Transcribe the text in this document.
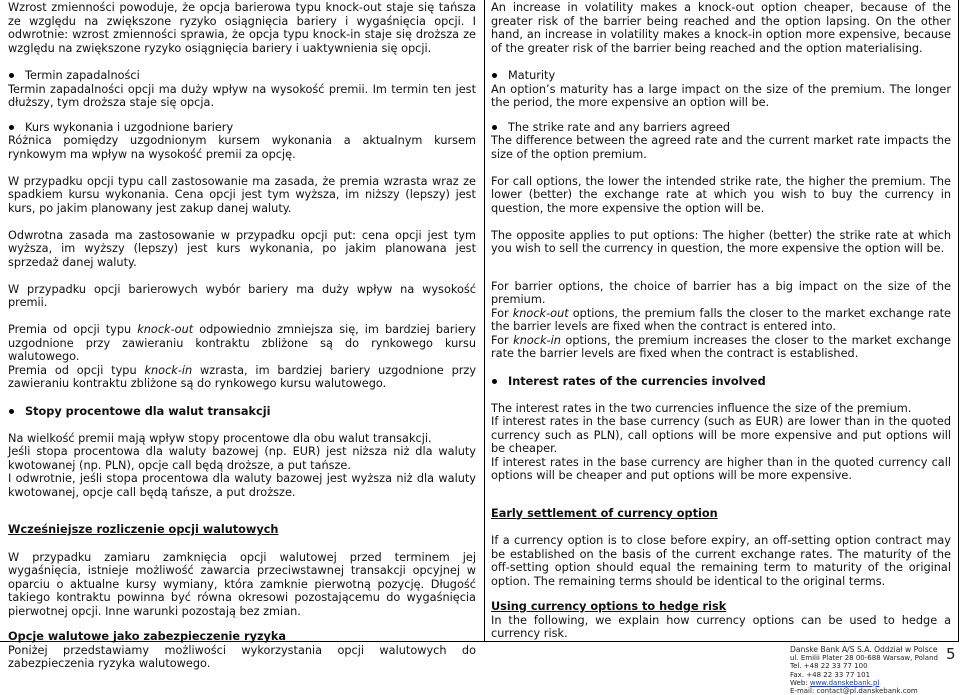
Wzrost zmienności powoduje, że opcja barierowa typu knock-out staje się tańsza ze względu na zwiększone ryzyko osiągnięcia bariery i wygaśnięcia opcji. I odwrotnie: wzrost zmienności sprawia, że opcja typu knock-in staje się droższa ze względu na zwiększone ryzyko osiągnięcia bariery i uaktywnienia się opcji.

Termin zapadalności

Termin zapadalności opcji ma duży wpływ na wysokość premii. Im termin ten jest dłuższy, tym droższa staje się opcja.

Kurs wykonania i uzgodnione bariery

Różnica pomiędzy uzgodnionym kursem wykonania a aktualnym kursem rynkowym ma wpływ na wysokość premii za opcję.

W przypadku opcji typu call zastosowanie ma zasada, że premia wzrasta wraz ze spadkiem kursu wykonania. Cena opcji jest tym wyższa, im niższy (lepszy) jest kurs, po jakim planowany jest zakup danej waluty.

Odwrotna zasada ma zastosowanie w przypadku opcji put: cena opcji jest tym wyższa, im wyższy (lepszy) jest kurs wykonania, po jakim planowana jest sprzedaż danej waluty.

W przypadku opcji barierowych wybór bariery ma duży wpływ na wysokość premii.

Premia od opcji typu knock-out odpowiednio zmniejsza się, im bardziej bariery uzgodnione przy zawieraniu kontraktu zbliżone są do rynkowego kursu walutowego.

Premia od opcji typu knock-in wzrasta, im bardziej bariery uzgodnione przy zawieraniu kontraktu zbliżone są do rynkowego kursu walutowego.

Stopy procentowe dla walut transakcji

Na wielkość premii mają wpływ stopy procentowe dla obu walut transakcji.

Jeśli stopa procentowa dla waluty bazowej (np. EUR) jest niższa niż dla waluty kwotowanej (np. PLN), opcje call będą droższe, a put tańsze.

I odwrotnie, jeśli stopa procentowa dla waluty bazowej jest wyższa niż dla waluty kwotowanej, opcje call będą tańsze, a put droższe.

Wcześniejsze rozliczenie opcji walutowych

W przypadku zamiaru zamknięcia opcji walutowej przed terminem jej wygaśnięcia, istnieje możliwość zawarcia przeciwstawnej transakcji opcyjnej w oparciu o aktualne kursy wymiany, która zamknie pierwotną pozycję. Długość takiego kontraktu powinna być równa okresowi pozostającemu do wygaśnięcia pierwotnej opcji. Inne warunki pozostają bez zmian.

Opcje walutowe jako zabezpieczenie ryzyka

Poniżej przedstawiamy możliwości wykorzystania opcji walutowych do zabezpieczenia ryzyka walutowego.

An increase in volatility makes a knock-out option cheaper, because of the greater risk of the barrier being reached and the option lapsing. On the other hand, an increase in volatility makes a knock-in option more expensive, because of the greater risk of the barrier being reached and the option materialising.

Maturity

An option’s maturity has a large impact on the size of the premium. The longer the period, the more expensive an option will be.

The strike rate and any barriers agreed

The difference between the agreed rate and the current market rate impacts the size of the option premium.

For call options, the lower the intended strike rate, the higher the premium. The lower (better) the exchange rate at which you wish to buy the currency in question, the more expensive the option will be.

The opposite applies to put options: The higher (better) the strike rate at which you wish to sell the currency in question, the more expensive the option will be.

For barrier options, the choice of barrier has a big impact on the size of the premium.

For knock-out options, the premium falls the closer to the market exchange rate the barrier levels are fixed when the contract is entered into.

For knock-in options, the premium increases the closer to the market exchange rate the barrier levels are fixed when the contract is established.

Interest rates of the currencies involved

The interest rates in the two currencies influence the size of the premium.

If interest rates in the base currency (such as EUR) are lower than in the quoted currency such as PLN), call options will be more expensive and put options will be cheaper.

If interest rates in the base currency are higher than in the quoted currency call options will be cheaper and put options will be more expensive.

Early settlement of currency option

If a currency option is to close before expiry, an off-setting option contract may be established on the basis of the current exchange rates. The maturity of the off-setting option should equal the remaining term to maturity of the original option. The remaining terms should be identical to the original terms.

Using currency options to hedge risk

In the following, we explain how currency options can be used to hedge a currency risk.

Danske Bank A/S S.A. Oddział w Polsce
ul. Emilii Plater 28 00-688 Warsaw, Poland
Tel. +48 22 33 77 100
Fax. +48 22 33 77 101
Web: www.danskebank.pl
E-mail: contact@pl.danskebank.com
5
